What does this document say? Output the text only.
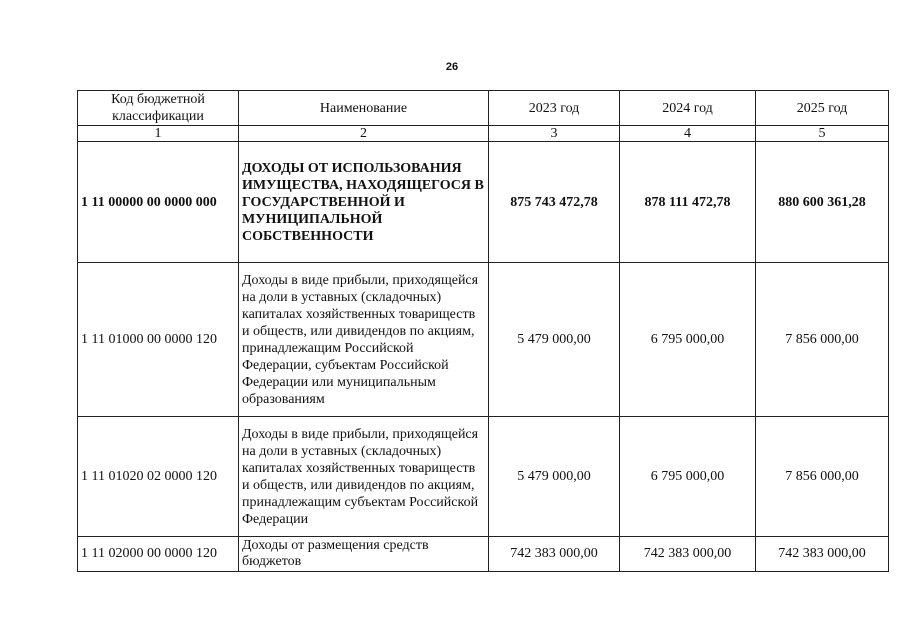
26
Код бюджетной классификации	Наименование	2023 год	2024 год	2025 год
1	2	3	4	5
1 11 00000 00 0000 000	ДОХОДЫ ОТ ИСПОЛЬЗОВАНИЯ ИМУЩЕСТВА, НАХОДЯЩЕГОСЯ В ГОСУДАРСТВЕННОЙ И МУНИЦИПАЛЬНОЙ СОБСТВЕННОСТИ	875 743 472,78	878 111 472,78	880 600 361,28
1 11 01000 00 0000 120	Доходы в виде прибыли, приходящейся на доли в уставных (складочных) капиталах хозяйственных товариществ и обществ, или дивидендов по акциям, принадлежащим Российской Федерации, субъектам Российской Федерации или муниципальным образованиям	5 479 000,00	6 795 000,00	7 856 000,00
1 11 01020 02 0000 120	Доходы в виде прибыли, приходящейся на доли в уставных (складочных) капиталах хозяйственных товариществ и обществ, или дивидендов по акциям, принадлежащим субъектам Российской Федерации	5 479 000,00	6 795 000,00	7 856 000,00
1 11 02000 00 0000 120	Доходы от размещения средств бюджетов	742 383 000,00	742 383 000,00	742 383 000,00
